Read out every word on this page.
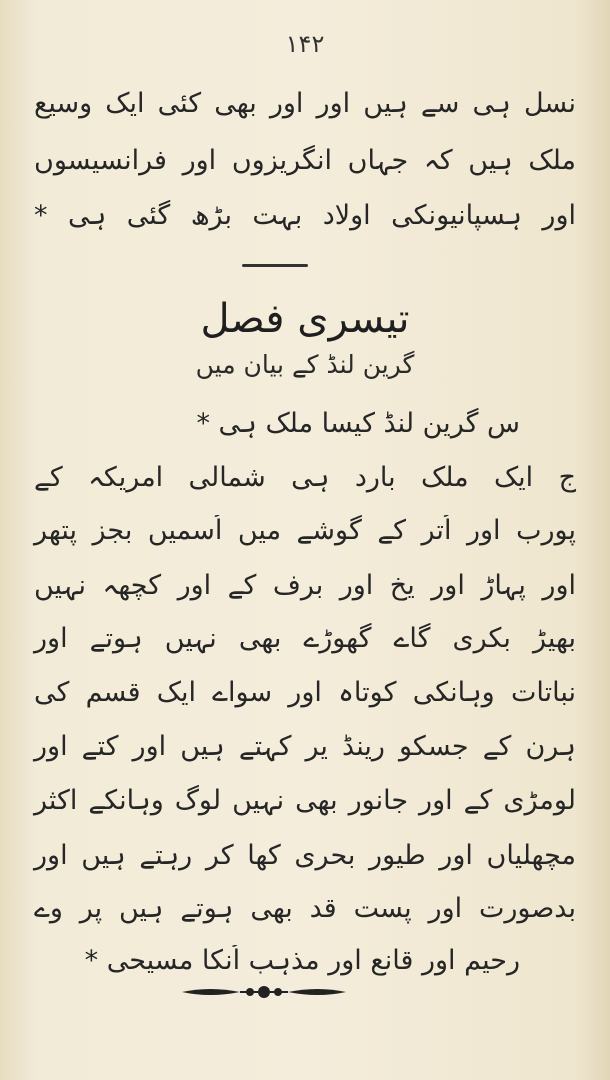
۱۴۲
نسل ہی سے ہیں اور اور بھی کئی ایک وسیع
ملک ہیں کہ جہاں انگریزوں اور فرانسیسوں
اور ہسپانیونکی اولاد بہت بڑھ گئی ہی *
تیسری فصل
گرین لنڈ کے بیان میں
س گرین لنڈ کیسا ملک ہی *
ج ایک ملک بارد ہی شمالی امریکہ کے
پورب اور اُتر کے گوشے میں اُسمیں بجز پتھر
اور پہاڑ اور یخ اور برف کے اور کچھہ نہیں
بھیڑ بکری گاے گھوڑے بھی نہیں ہوتے اور
نباتات وہانکی کوتاہ اور سواے ایک قسم کی
ہرن کے جسکو رینڈ یر کہتے ہیں اور کتے اور
لومڑی کے اور جانور بھی نہیں لوگ وہانکے اکثر
مچھلیاں اور طیور بحری کھا کر رہتے ہیں اور
بدصورت اور پست قد بھی ہوتے ہیں پر وے
رحیم اور قانع اور مذہب اُنکا مسیحی *
